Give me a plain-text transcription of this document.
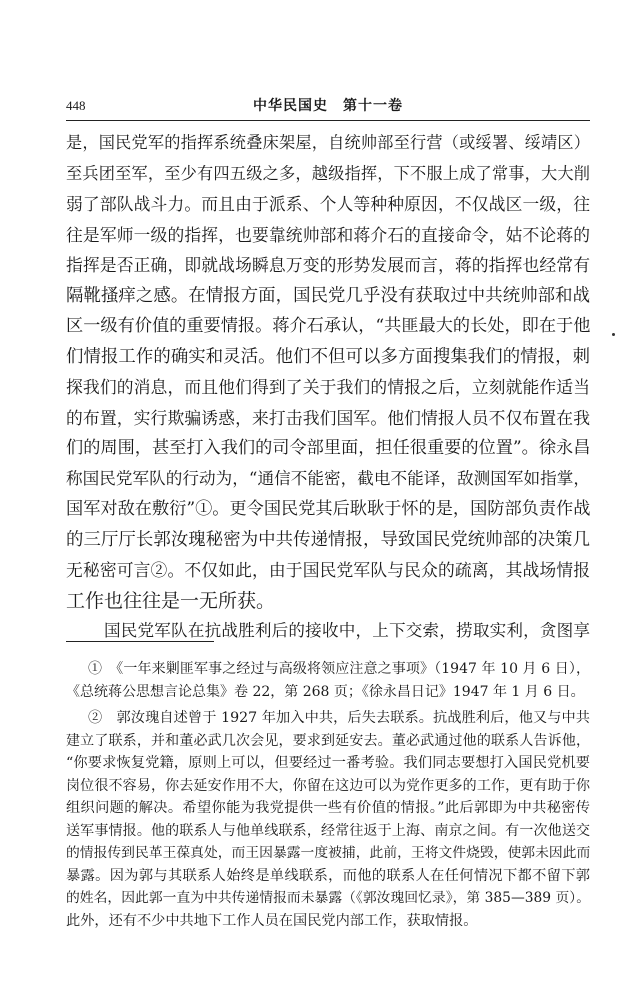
448	中华民国史　第十一卷
是，国民党军的指挥系统叠床架屋，自统帅部至行营（或绥署、绥靖区）
至兵团至军，至少有四五级之多，越级指挥，下不服上成了常事，大大削
弱了部队战斗力。而且由于派系、个人等种种原因，不仅战区一级，往
往是军师一级的指挥，也要靠统帅部和蒋介石的直接命令，姑不论蒋的
指挥是否正确，即就战场瞬息万变的形势发展而言，蒋的指挥也经常有
隔靴搔痒之感。在情报方面，国民党几乎没有获取过中共统帅部和战
区一级有价值的重要情报。蒋介石承认，“共匪最大的长处，即在于他
们情报工作的确实和灵活。他们不但可以多方面搜集我们的情报，刺
探我们的消息，而且他们得到了关于我们的情报之后，立刻就能作适当
的布置，实行欺骗诱惑，来打击我们国军。他们情报人员不仅布置在我
们的周围，甚至打入我们的司令部里面，担任很重要的位置”。徐永昌
称国民党军队的行动为，“通信不能密，截电不能译，敌测国军如指掌，
国军对敌在敷衍”①。更令国民党其后耿耿于怀的是，国防部负责作战
的三厅厅长郭汝瑰秘密为中共传递情报，导致国民党统帅部的决策几
无秘密可言②。不仅如此，由于国民党军队与民众的疏离，其战场情报
工作也往往是一无所获。
国民党军队在抗战胜利后的接收中，上下交索，捞取实利，贪图享
①　《一年来剿匪军事之经过与高级将领应注意之事项》（1947 年 10 月 6 日），
《总统蒋公思想言论总集》卷 22，第 268 页；《徐永昌日记》1947 年 1 月 6 日。
②　郭汝瑰自述曾于 1927 年加入中共，后失去联系。抗战胜利后，他又与中共
建立了联系，并和董必武几次会见，要求到延安去。董必武通过他的联系人告诉他，
“你要求恢复党籍，原则上可以，但要经过一番考验。我们同志要想打入国民党机要
岗位很不容易，你去延安作用不大，你留在这边可以为党作更多的工作，更有助于你
组织问题的解决。希望你能为我党提供一些有价值的情报。”此后郭即为中共秘密传
送军事情报。他的联系人与他单线联系，经常往返于上海、南京之间。有一次他送交
的情报传到民革王葆真处，而王因暴露一度被捕，此前，王将文件烧毁，使郭未因此而
暴露。因为郭与其联系人始终是单线联系，而他的联系人在任何情况下都不留下郭
的姓名，因此郭一直为中共传递情报而未暴露（《郭汝瑰回忆录》，第 385—389 页）。
此外，还有不少中共地下工作人员在国民党内部工作，获取情报。
